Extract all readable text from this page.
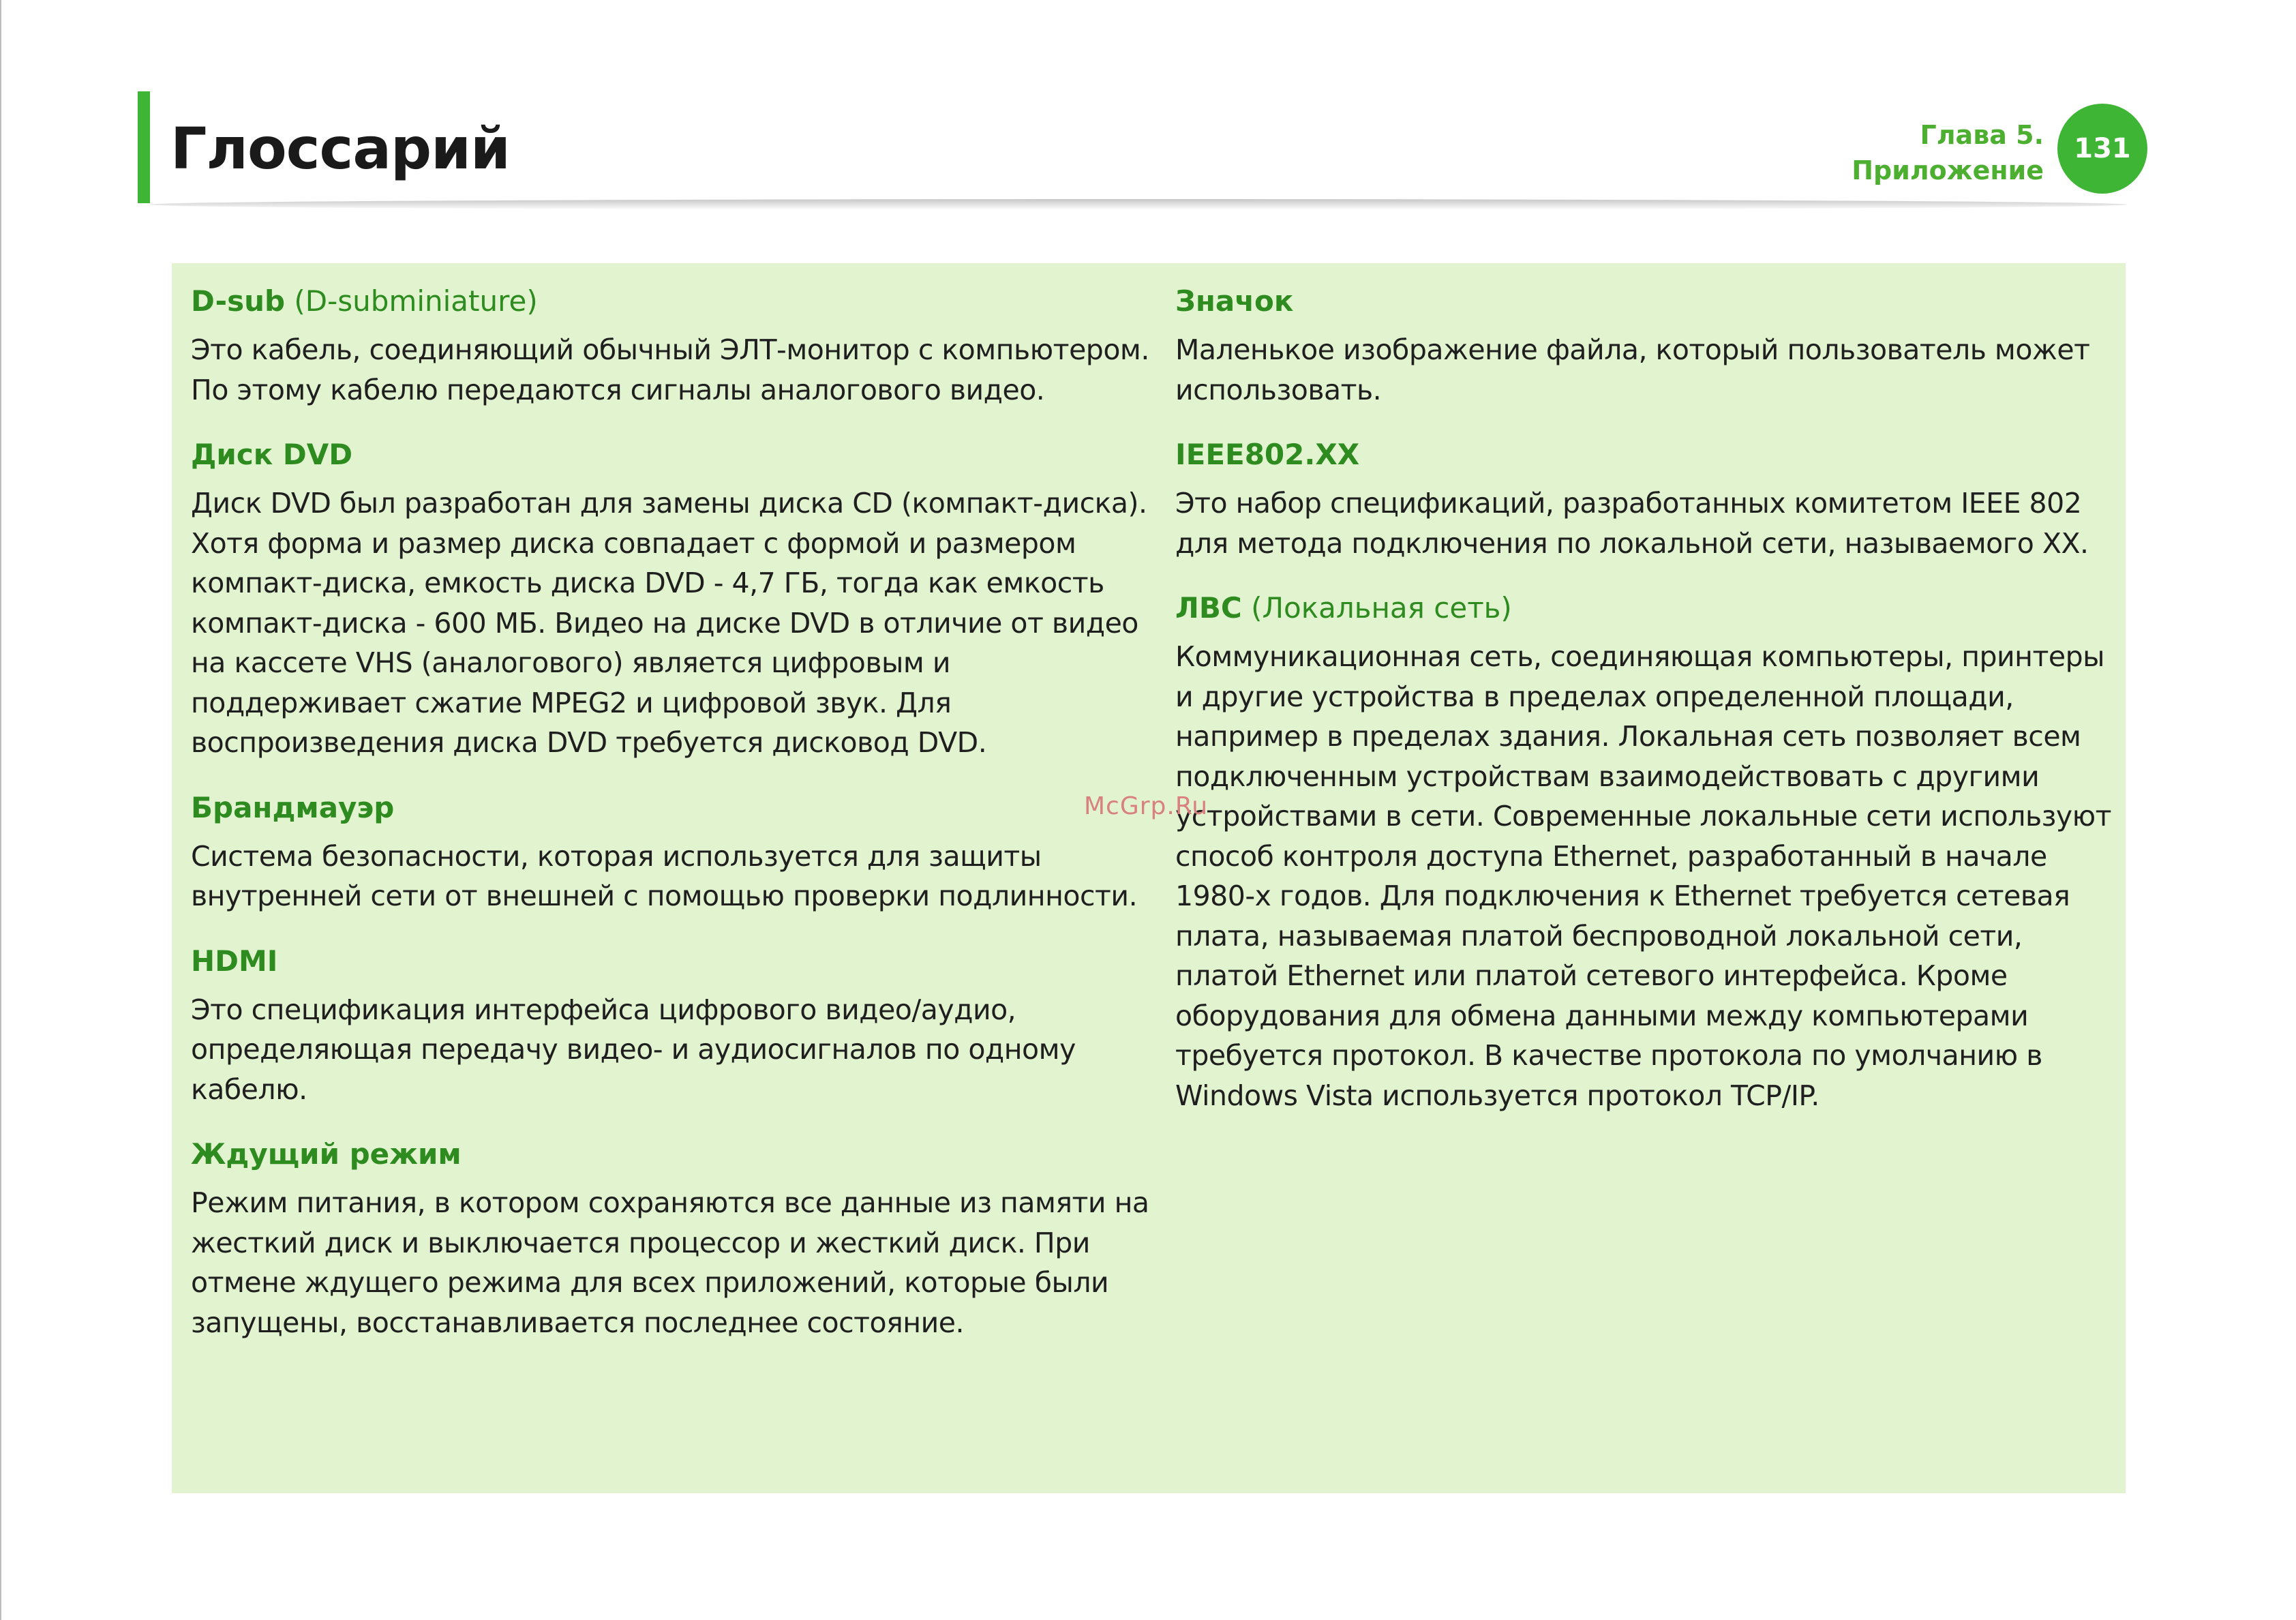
Глоссарий	Глава 5.
Приложение
131

D-sub (D-subminiature)

Это кабель, соединяющий обычный ЭЛТ-монитор с компьютером. По этому кабелю передаются сигналы аналогового видео.

Диск DVD

Диск DVD был разработан для замены диска CD (компакт-диска). Хотя форма и размер диска совпадает с формой и размером компакт-диска, емкость диска DVD - 4,7 ГБ, тогда как емкость компакт-диска - 600 МБ. Видео на диске DVD в отличие от видео на кассете VHS (аналогового) является цифровым и поддерживает сжатие MPEG2 и цифровой звук. Для воспроизведения диска DVD требуется дисковод DVD.

Брандмауэр

Система безопасности, которая используется для защиты внутренней сети от внешней с помощью проверки подлинности.

HDMI

Это спецификация интерфейса цифрового видео/аудио, определяющая передачу видео- и аудиосигналов по одному кабелю.

Ждущий режим

Режим питания, в котором сохраняются все данные из памяти на жесткий диск и выключается процессор и жесткий диск. При отмене ждущего режима для всех приложений, которые были запущены, восстанавливается последнее состояние.

Значок

Маленькое изображение файла, который пользователь может использовать.

IEEE802.XX

Это набор спецификаций, разработанных комитетом IEEE 802 для метода подключения по локальной сети, называемого XX.

ЛВС (Локальная сеть)

Коммуникационная сеть, соединяющая компьютеры, принтеры и другие устройства в пределах определенной площади, например в пределах здания. Локальная сеть позволяет всем подключенным устройствам взаимодействовать с другими устройствами в сети. Современные локальные сети используют способ контроля доступа Ethernet, разработанный в начале 1980-х годов. Для подключения к Ethernet требуется сетевая плата, называемая платой беспроводной локальной сети, платой Ethernet или платой сетевого интерфейса. Кроме оборудования для обмена данными между компьютерами требуется протокол. В качестве протокола по умолчанию в Windows Vista используется протокол TCP/IP.

McGrp.Ru
